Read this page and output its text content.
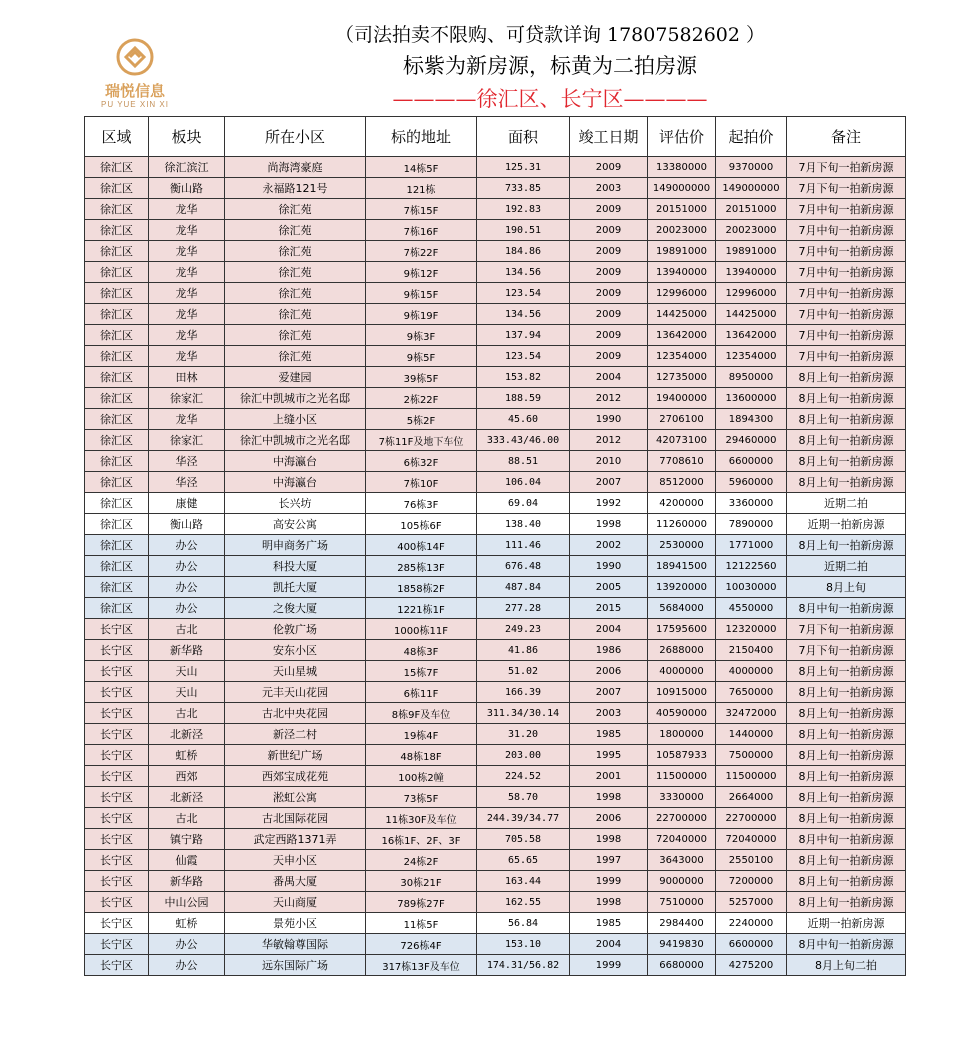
瑞悦信息
PU YUE XIN XI
（司法拍卖不限购、可贷款详询 17807582602 ）
标紫为新房源，标黄为二拍房源
————徐汇区、长宁区————
区域	板块	所在小区	标的地址	面积	竣工日期	评估价	起拍价	备注
徐汇区	徐汇滨江	尚海湾豪庭	14栋5F	125.31	2009	13380000	9370000	7月下旬一拍新房源
徐汇区	衡山路	永福路121号	121栋	733.85	2003	149000000	149000000	7月下旬一拍新房源
徐汇区	龙华	徐汇苑	7栋15F	192.83	2009	20151000	20151000	7月中旬一拍新房源
徐汇区	龙华	徐汇苑	7栋16F	190.51	2009	20023000	20023000	7月中旬一拍新房源
徐汇区	龙华	徐汇苑	7栋22F	184.86	2009	19891000	19891000	7月中旬一拍新房源
徐汇区	龙华	徐汇苑	9栋12F	134.56	2009	13940000	13940000	7月中旬一拍新房源
徐汇区	龙华	徐汇苑	9栋15F	123.54	2009	12996000	12996000	7月中旬一拍新房源
徐汇区	龙华	徐汇苑	9栋19F	134.56	2009	14425000	14425000	7月中旬一拍新房源
徐汇区	龙华	徐汇苑	9栋3F	137.94	2009	13642000	13642000	7月中旬一拍新房源
徐汇区	龙华	徐汇苑	9栋5F	123.54	2009	12354000	12354000	7月中旬一拍新房源
徐汇区	田林	爱建园	39栋5F	153.82	2004	12735000	8950000	8月上旬一拍新房源
徐汇区	徐家汇	徐汇中凯城市之光名邸	2栋22F	188.59	2012	19400000	13600000	8月上旬一拍新房源
徐汇区	龙华	上缝小区	5栋2F	45.60	1990	2706100	1894300	8月上旬一拍新房源
徐汇区	徐家汇	徐汇中凯城市之光名邸	7栋11F及地下车位	333.43/46.00	2012	42073100	29460000	8月上旬一拍新房源
徐汇区	华泾	中海瀛台	6栋32F	88.51	2010	7708610	6600000	8月上旬一拍新房源
徐汇区	华泾	中海瀛台	7栋10F	106.04	2007	8512000	5960000	8月上旬一拍新房源
徐汇区	康健	长兴坊	76栋3F	69.04	1992	4200000	3360000	近期二拍
徐汇区	衡山路	高安公寓	105栋6F	138.40	1998	11260000	7890000	近期一拍新房源
徐汇区	办公	明申商务广场	400栋14F	111.46	2002	2530000	1771000	8月上旬一拍新房源
徐汇区	办公	科投大厦	285栋13F	676.48	1990	18941500	12122560	近期二拍
徐汇区	办公	凯托大厦	1858栋2F	487.84	2005	13920000	10030000	8月上旬
徐汇区	办公	之俊大厦	1221栋1F	277.28	2015	5684000	4550000	8月中旬一拍新房源
长宁区	古北	伦敦广场	1000栋11F	249.23	2004	17595600	12320000	7月下旬一拍新房源
长宁区	新华路	安东小区	48栋3F	41.86	1986	2688000	2150400	7月下旬一拍新房源
长宁区	天山	天山星城	15栋7F	51.02	2006	4000000	4000000	8月上旬一拍新房源
长宁区	天山	元丰天山花园	6栋11F	166.39	2007	10915000	7650000	8月上旬一拍新房源
长宁区	古北	古北中央花园	8栋9F及车位	311.34/30.14	2003	40590000	32472000	8月上旬一拍新房源
长宁区	北新泾	新泾二村	19栋4F	31.20	1985	1800000	1440000	8月上旬一拍新房源
长宁区	虹桥	新世纪广场	48栋18F	203.00	1995	10587933	7500000	8月上旬一拍新房源
长宁区	西郊	西郊宝成花苑	100栋2幢	224.52	2001	11500000	11500000	8月上旬一拍新房源
长宁区	北新泾	淞虹公寓	73栋5F	58.70	1998	3330000	2664000	8月上旬一拍新房源
长宁区	古北	古北国际花园	11栋30F及车位	244.39/34.77	2006	22700000	22700000	8月上旬一拍新房源
长宁区	镇宁路	武定西路1371弄	16栋1F、2F、3F	705.58	1998	72040000	72040000	8月中旬一拍新房源
长宁区	仙霞	天申小区	24栋2F	65.65	1997	3643000	2550100	8月上旬一拍新房源
长宁区	新华路	番禺大厦	30栋21F	163.44	1999	9000000	7200000	8月上旬一拍新房源
长宁区	中山公园	天山商厦	789栋27F	162.55	1998	7510000	5257000	8月上旬一拍新房源
长宁区	虹桥	景苑小区	11栋5F	56.84	1985	2984400	2240000	近期一拍新房源
长宁区	办公	华敏翰尊国际	726栋4F	153.10	2004	9419830	6600000	8月中旬一拍新房源
长宁区	办公	远东国际广场	317栋13F及车位	174.31/56.82	1999	6680000	4275200	8月上旬二拍
